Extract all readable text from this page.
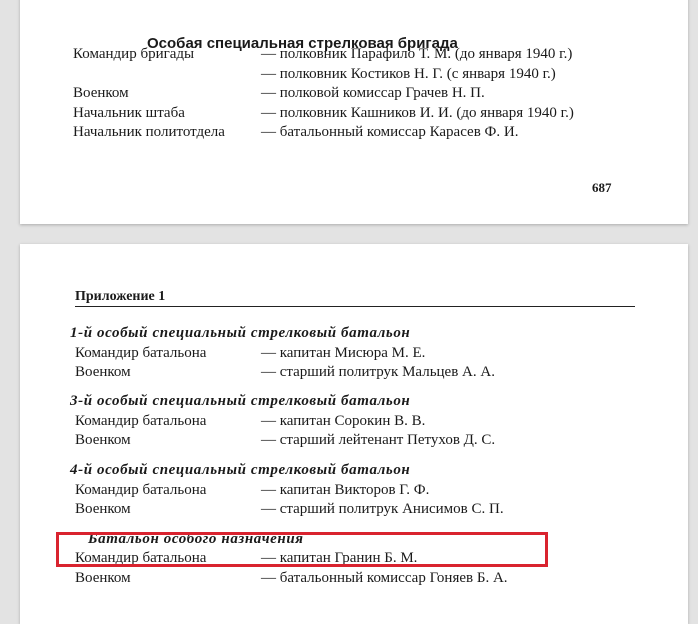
Особая специальная стрелковая бригада
Командир бригады	— полковник Парафило Т. М. (до января 1940 г.)
— полковник Костиков Н. Г. (с января 1940 г.)
Военком	— полковой комиссар Грачев Н. П.
Начальник штаба	— полковник Кашников И. И. (до января 1940 г.)
Начальник политотдела — батальонный комиссар Карасев Ф. И.
687
Приложение 1
1-й особый специальный стрелковый батальон
Командир батальона	— капитан Мисюра М. Е.
Военком	— старший политрук Мальцев А. А.
3-й особый специальный стрелковый батальон
Командир батальона	— капитан Сорокин В. В.
Военком	— старший лейтенант Петухов Д. С.
4-й особый специальный стрелковый батальон
Командир батальона	— капитан Викторов Г. Ф.
Военком	— старший политрук Анисимов С. П.
Батальон особого назначения
Командир батальона	— капитан Гранин Б. М.
Военком	— батальонный комиссар Гоняев Б. А.
